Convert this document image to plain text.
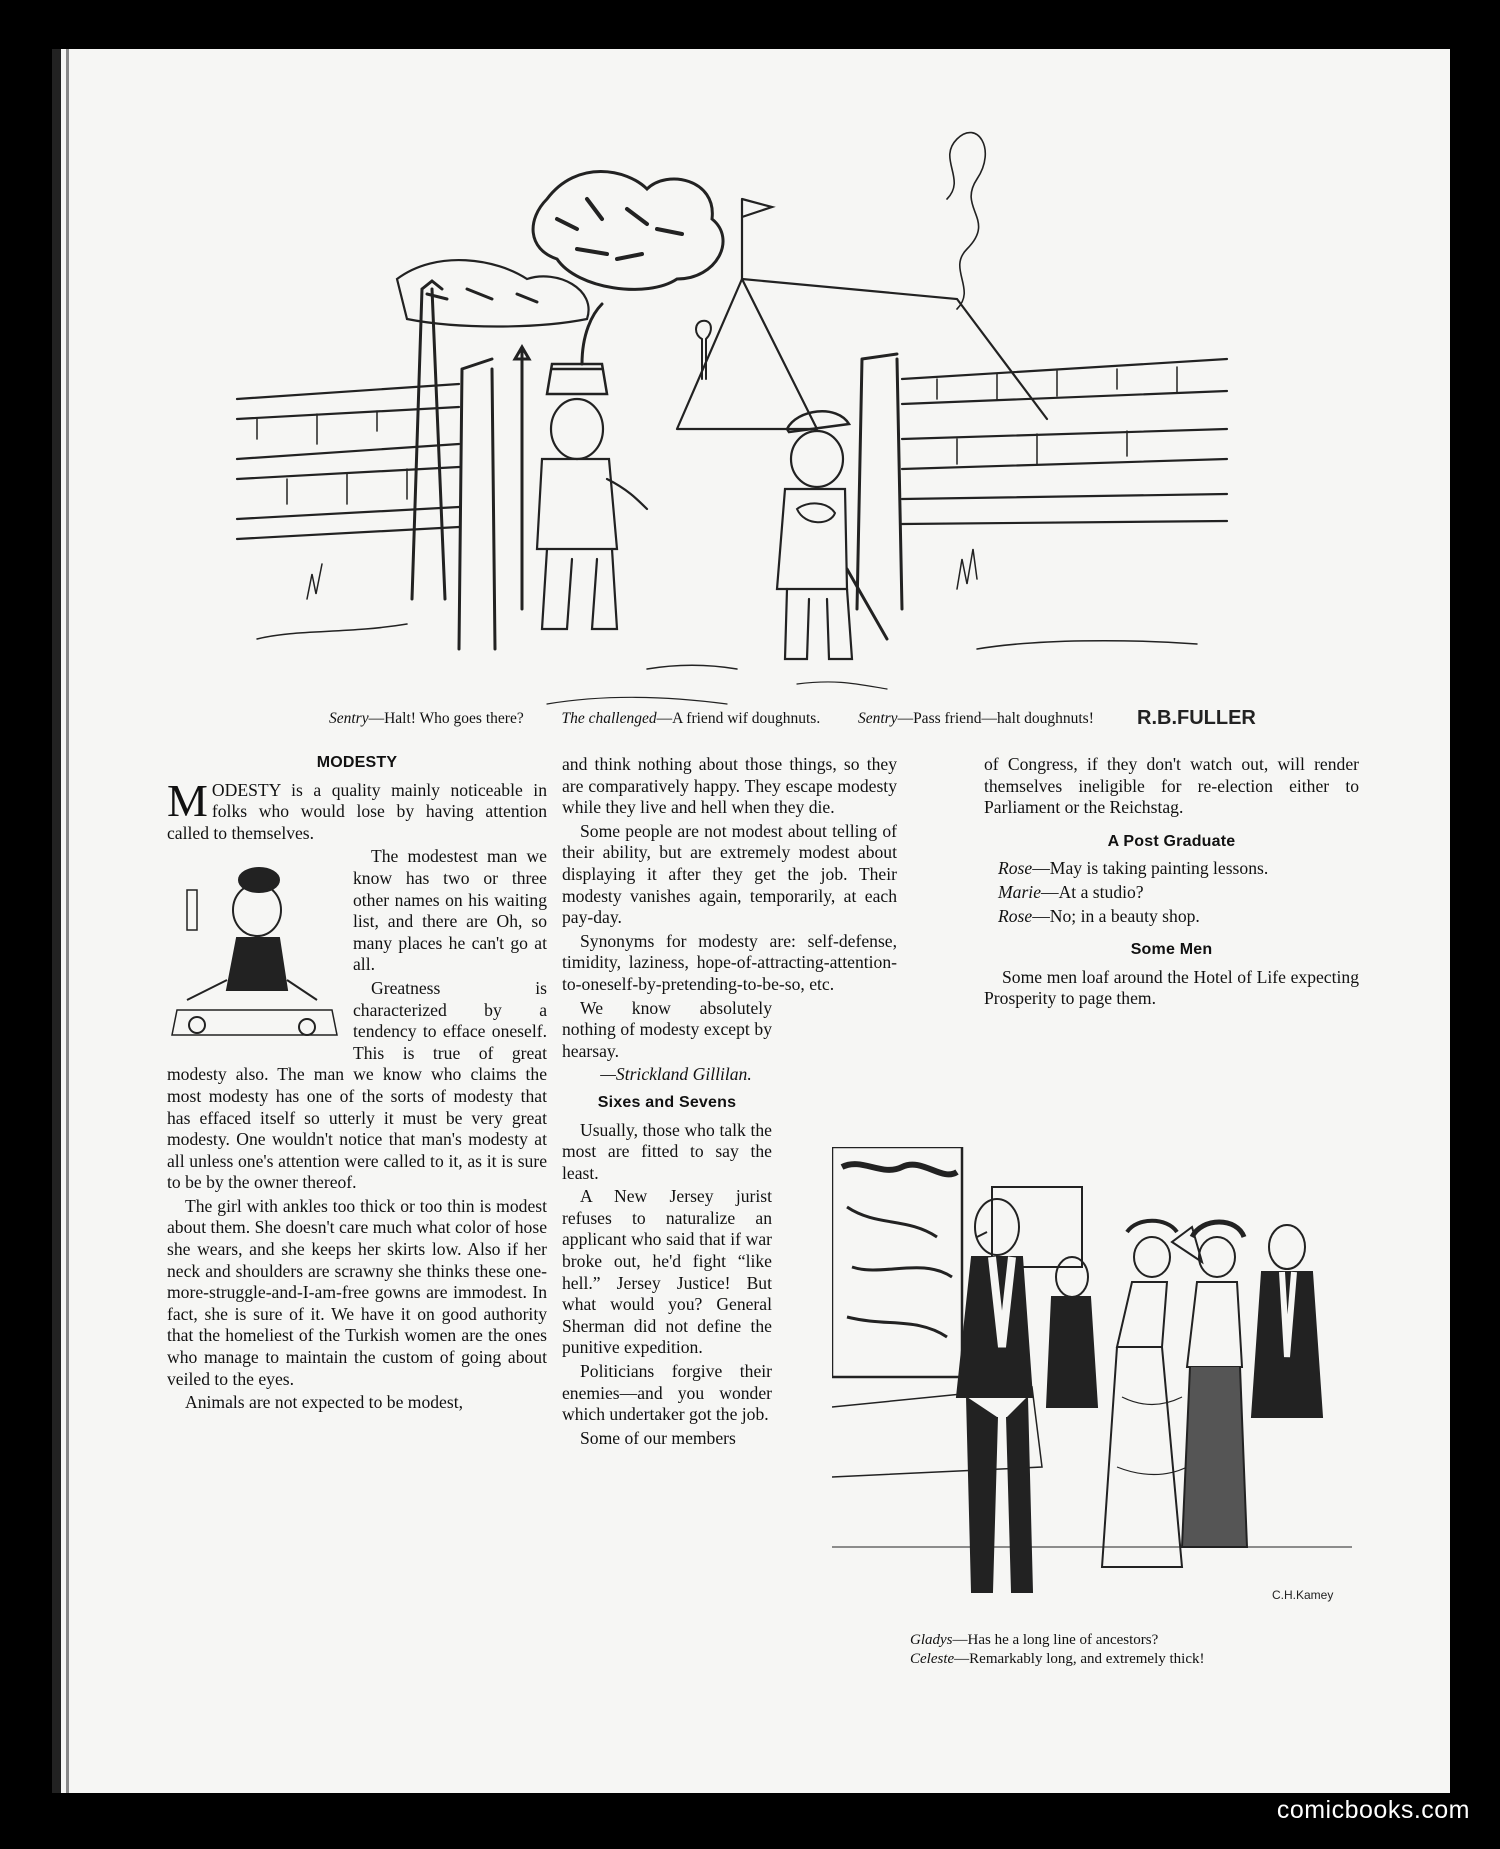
R.B.FULLER
Sentry—Halt! Who goes there? The challenged—A friend wif doughnuts. Sentry—Pass friend—halt doughnuts!
MODESTY

MODESTY is a quality mainly noticeable in folks who would lose by having attention called to themselves.

The modestest man we know has two or three other names on his waiting list, and there are Oh, so many places he can't go at all.

Greatness is characterized by a tendency to efface oneself. This is true of great modesty also. The man we know who claims the most modesty has one of the sorts of modesty that has effaced itself so utterly it must be very great modesty. One wouldn't notice that man's modesty at all unless one's attention were called to it, as it is sure to be by the owner thereof.

The girl with ankles too thick or too thin is modest about them. She doesn't care much what color of hose she wears, and she keeps her skirts low. Also if her neck and shoulders are scrawny she thinks these one-more-struggle-and-I-am-free gowns are immodest. In fact, she is sure of it. We have it on good authority that the homeliest of the Turkish women are the ones who manage to maintain the custom of going about veiled to the eyes.

Animals are not expected to be modest,

and think nothing about those things, so they are comparatively happy. They escape modesty while they live and hell when they die.

Some people are not modest about telling of their ability, but are extremely modest about displaying it after they get the job. Their modesty vanishes again, temporarily, at each pay-day.

Synonyms for modesty are: self-defense, timidity, laziness, hope-of-attracting-attention-to-oneself-by-pretending-to-be-so, etc.

We know absolutely nothing of modesty except by hearsay.

—Strickland Gillilan.

Sixes and Sevens

Usually, those who talk the most are fitted to say the least.

A New Jersey jurist refuses to naturalize an applicant who said that if war broke out, he'd fight “like hell.” Jersey Justice! But what would you? General Sherman did not define the punitive expedition.

Politicians forgive their enemies—and you wonder which undertaker got the job.

Some of our members

of Congress, if they don't watch out, will render themselves ineligible for re-election either to Parliament or the Reichstag.

A Post Graduate

Rose—May is taking painting lessons.

Marie—At a studio?

Rose—No; in a beauty shop.

Some Men

Some men loaf around the Hotel of Life expecting Prosperity to page them.

C.H.Kamey
Gladys—Has he a long line of ancestors?
Celeste—Remarkably long, and extremely thick!
comicbooks.com
